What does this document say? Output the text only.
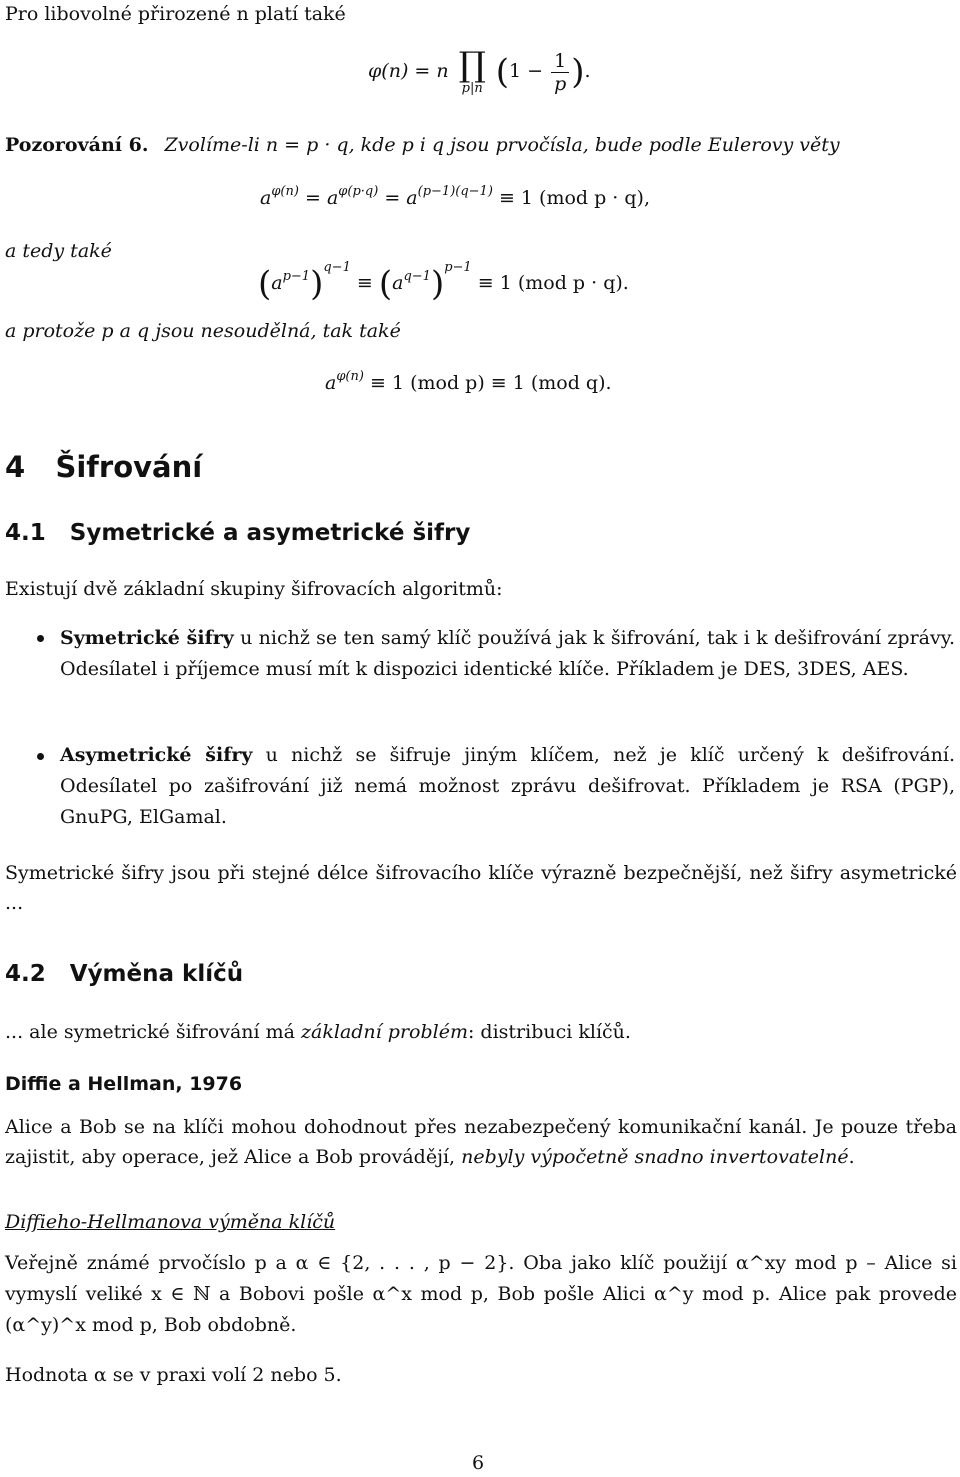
Pro libovolné přirozené n platí také
φ(n) = n ∏
p|n ($1 - \frac{1}{p}$ ).
Pozorování 6. Zvolíme-li n = p · q, kde p i q jsou prvočísla, bude podle Eulerovy věty
$a^{\varphi(n)} = a^{\varphi(p\cdot q)} = a^{(p-1)(q-1)} \equiv 1$ (mod p · q),
a tedy také
$(a^{p-1})^{q-1} \equiv (a^{q-1})^{p-1} \equiv 1$ (mod p · q).
a protože p a q jsou nesoudělná, tak také
$a^{\varphi(n)} \equiv 1$ (mod p) ≡ 1 (mod q).
4   Šifrování
4.1   Symetrické a asymetrické šifry
Existují dvě základní skupiny šifrovacích algoritmů:
Symetrické šifry u nichž se ten samý klíč používá jak k šifrování, tak i k dešifrování zprávy. Odesílatel i příjemce musí mít k dispozici identické klíče. Příkladem je DES, 3DES, AES.
Asymetrické šifry u nichž se šifruje jiným klíčem, než je klíč určený k dešifrování. Odesílatel po zašifrování již nemá možnost zprávu dešifrovat. Příkladem je RSA (PGP), GnuPG, ElGamal.
Symetrické šifry jsou při stejné délce šifrovacího klíče výrazně bezpečnější, než šifry asymetrické ...
4.2   Výměna klíčů
... ale symetrické šifrování má základní problém: distribuci klíčů.
Diffie a Hellman, 1976
Alice a Bob se na klíči mohou dohodnout přes nezabezpečený komunikační kanál. Je pouze třeba zajistit, aby operace, jež Alice a Bob provádějí, nebyly výpočetně snadno invertovatelné.
Diffieho-Hellmanova výměna klíčů
Veřejně známé prvočíslo p a α ∈ {2, . . . , p − 2}. Oba jako klíč použijí α^xy mod p – Alice si vymyslí veliké x ∈ ℕ a Bobovi pošle α^x mod p, Bob pošle Alici α^y mod p. Alice pak provede (α^y)^x mod p, Bob obdobně.
Hodnota α se v praxi volí 2 nebo 5.
6
